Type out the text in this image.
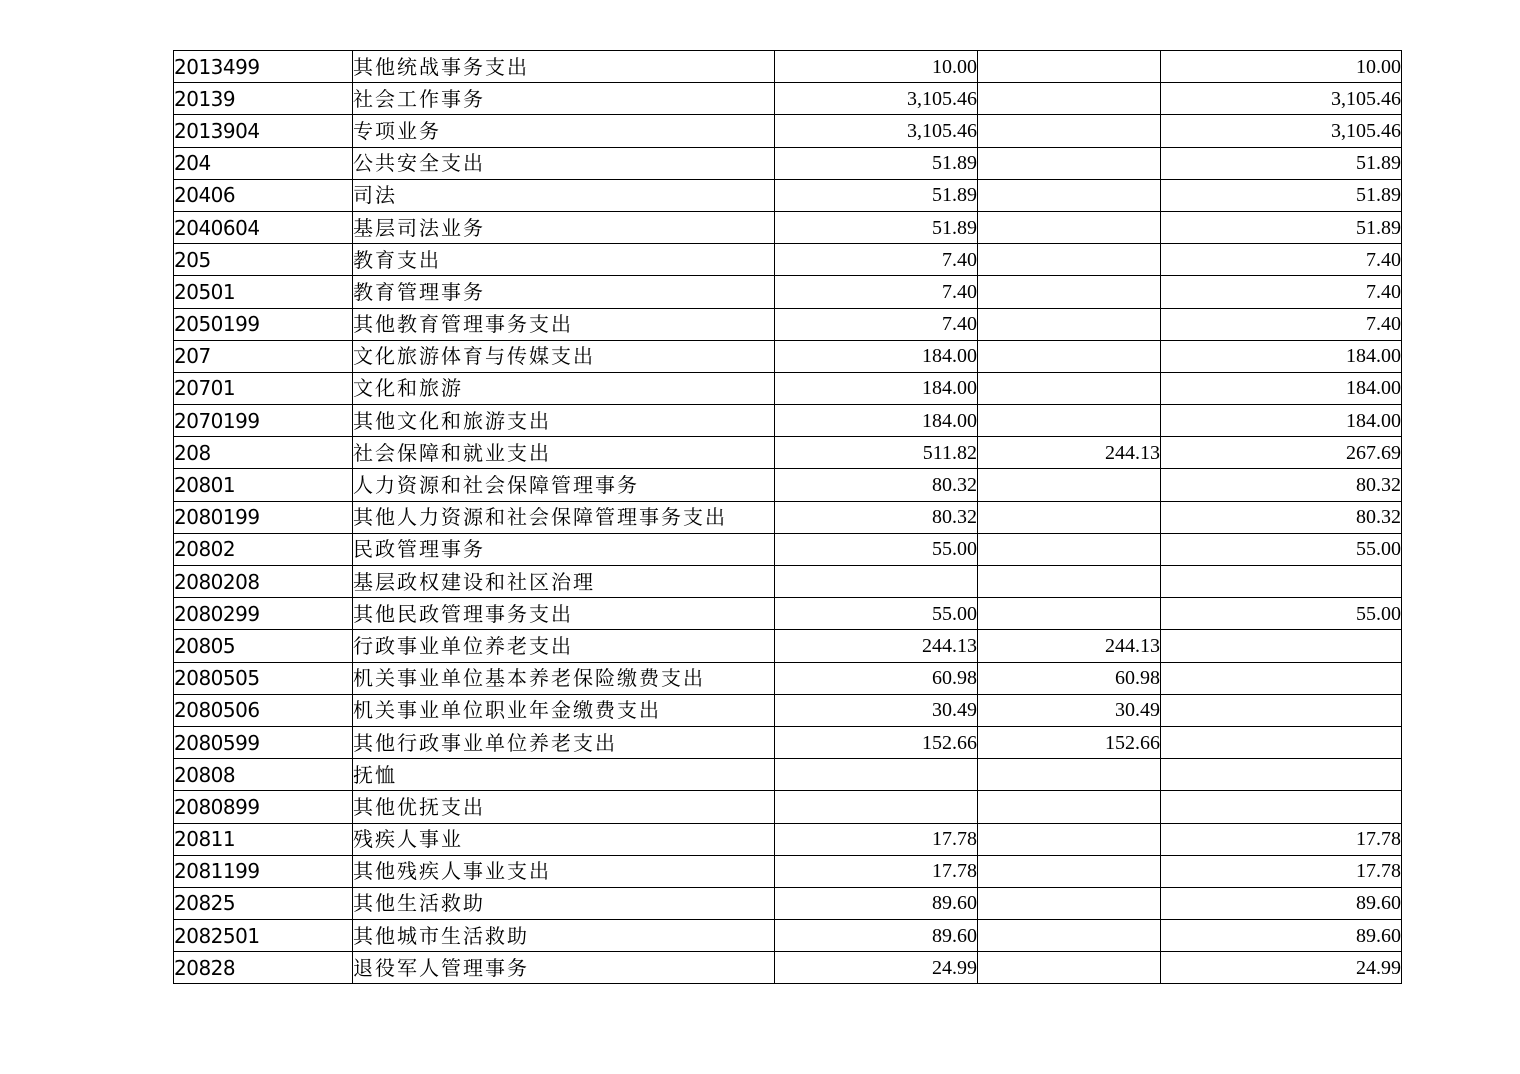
2013499	其他统战事务支出	10.00		10.00
20139	社会工作事务	3,105.46		3,105.46
2013904	专项业务	3,105.46		3,105.46
204	公共安全支出	51.89		51.89
20406	司法	51.89		51.89
2040604	基层司法业务	51.89		51.89
205	教育支出	7.40		7.40
20501	教育管理事务	7.40		7.40
2050199	其他教育管理事务支出	7.40		7.40
207	文化旅游体育与传媒支出	184.00		184.00
20701	文化和旅游	184.00		184.00
2070199	其他文化和旅游支出	184.00		184.00
208	社会保障和就业支出	511.82	244.13	267.69
20801	人力资源和社会保障管理事务	80.32		80.32
2080199	其他人力资源和社会保障管理事务支出	80.32		80.32
20802	民政管理事务	55.00		55.00
2080208	基层政权建设和社区治理			
2080299	其他民政管理事务支出	55.00		55.00
20805	行政事业单位养老支出	244.13	244.13	
2080505	机关事业单位基本养老保险缴费支出	60.98	60.98	
2080506	机关事业单位职业年金缴费支出	30.49	30.49	
2080599	其他行政事业单位养老支出	152.66	152.66	
20808	抚恤			
2080899	其他优抚支出			
20811	残疾人事业	17.78		17.78
2081199	其他残疾人事业支出	17.78		17.78
20825	其他生活救助	89.60		89.60
2082501	其他城市生活救助	89.60		89.60
20828	退役军人管理事务	24.99		24.99
